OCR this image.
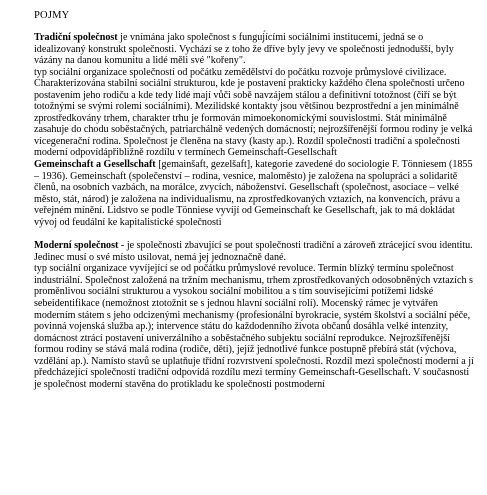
POJMY

Tradiční společnost je vnímána jako společnost s funguj́ícími sociálními institucemi, jedná se o idealizovaný konstrukt společnosti. Vychází se z toho že dříve byly jevy ve společnosti jednodušší, byly vázány na danou komunitu a lidé měli své "kořeny".

typ sociální organizace společností od počátku zemědělství do počátku rozvoje průmyslové civilizace. Charakterizována stabilní sociální strukturou, kde je postavení prakticky každého člena společnosti určeno postavením jeho rodiču a kde tedy lidé mají vůči sobě navzájem stálou a definitivní totožnost (čiří se být totožnými se svými rolemi sociálními). Mezilidské kontakty jsou většinou bezprostřední a jen minimálně zprostředkovány trhem, charakter trhu je formován mimoekonomickými souvislostmi. Stát minimálně zasahuje do chodu soběstačných, patriarchálně vedených domácností; nejrozšířenější formou rodiny je velká vícegenerační rodina. Společnost je členěna na stavy (kasty ap.). Rozdíl společnosti tradiční a společnosti moderní odpovídápřibližně rozdílu v termínech Gemeinschaft-Gesellschaft

Gemeinschaft a Gesellschaft [gemainšaft, gezelšaft], kategorie zavedené do sociologie F. Tönniesem (1855 – 1936). Gemeinschaft (společenství – rodina, vesnice, maloměsto) je založena na spolupráci a solidaritě členů, na osobních vazbách, na morálce, zvycích, náboženství. Gesellschaft (společnost, asociace – velké město, stát, národ) je založena na individualismu, na zprostředkovaných vztazích, na konvencích, právu a veřejném mínění. Lidstvo se podle Tönniese vyvíjí od Gemeinschaft ke Gesellschaft, jak to má dokládat vývoj od feudální ke kapitalistické společnosti

Moderní společnost - je společnosti zbavující se pout společnosti tradiční a zároveň ztrácející svou identitu. Jedinec musí o své místo usilovat, nemá jej jednoznačně dané.

typ sociální organizace vyvíjející se od počátku průmyslové revoluce. Termín blízký termínu společnost industriální. Společnost založená na tržním mechanismu, trhem zprostředkovaných odosobněných vztazích s proměnlivou sociální strukturou a vysokou sociální mobilitou a s tím souvisejícími potížemi lidské sebeidentifikace (nemožnost ztotožnit se s jednou hlavní sociální rolí). Mocenský rámec je vytvářen moderním státem s jeho odcizenými mechanismy (profesionální byrokracie, systém školství a sociální péče, povinná vojenská služba ap.); intervence státu do každodenního života občanů dosáhla velké intenzity, domácnost ztrácí postavení univerzálního a soběstačného subjektu sociální reprodukce. Nejrozšířenější formou rodiny se stává malá rodina (rodiče, děti), jejíž jednotlivé funkce postupně přebírá stát (výchova, vzdělání ap.). Namísto stavů se uplatňuje třídní rozvrstvení společnosti. Rozdíl mezi společností moderní a jí předcházející společností tradiční odpovídá rozdílu mezi termíny Gemeinschaft-Gesellschaft. V současnosti je společnost moderní stavěna do protikladu ke společnosti postmoderní
